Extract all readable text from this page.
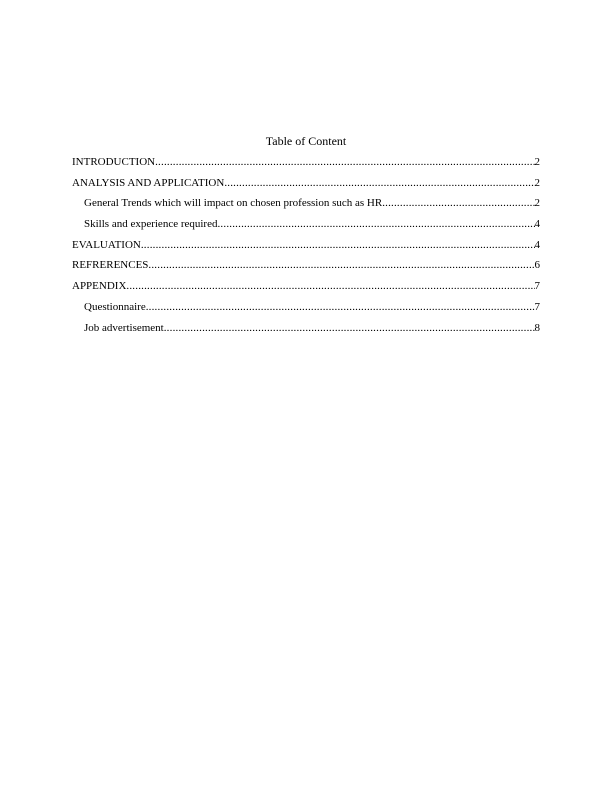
Table of Content
INTRODUCTION .....	2
ANALYSIS AND APPLICATION .....	2
General Trends which will impact on chosen profession such as HR .....	2
Skills and experience required .....	4
EVALUATION .....	4
REFRERENCES .....	6
APPENDIX .....	7
Questionnaire .....	7
Job advertisement .....	8
